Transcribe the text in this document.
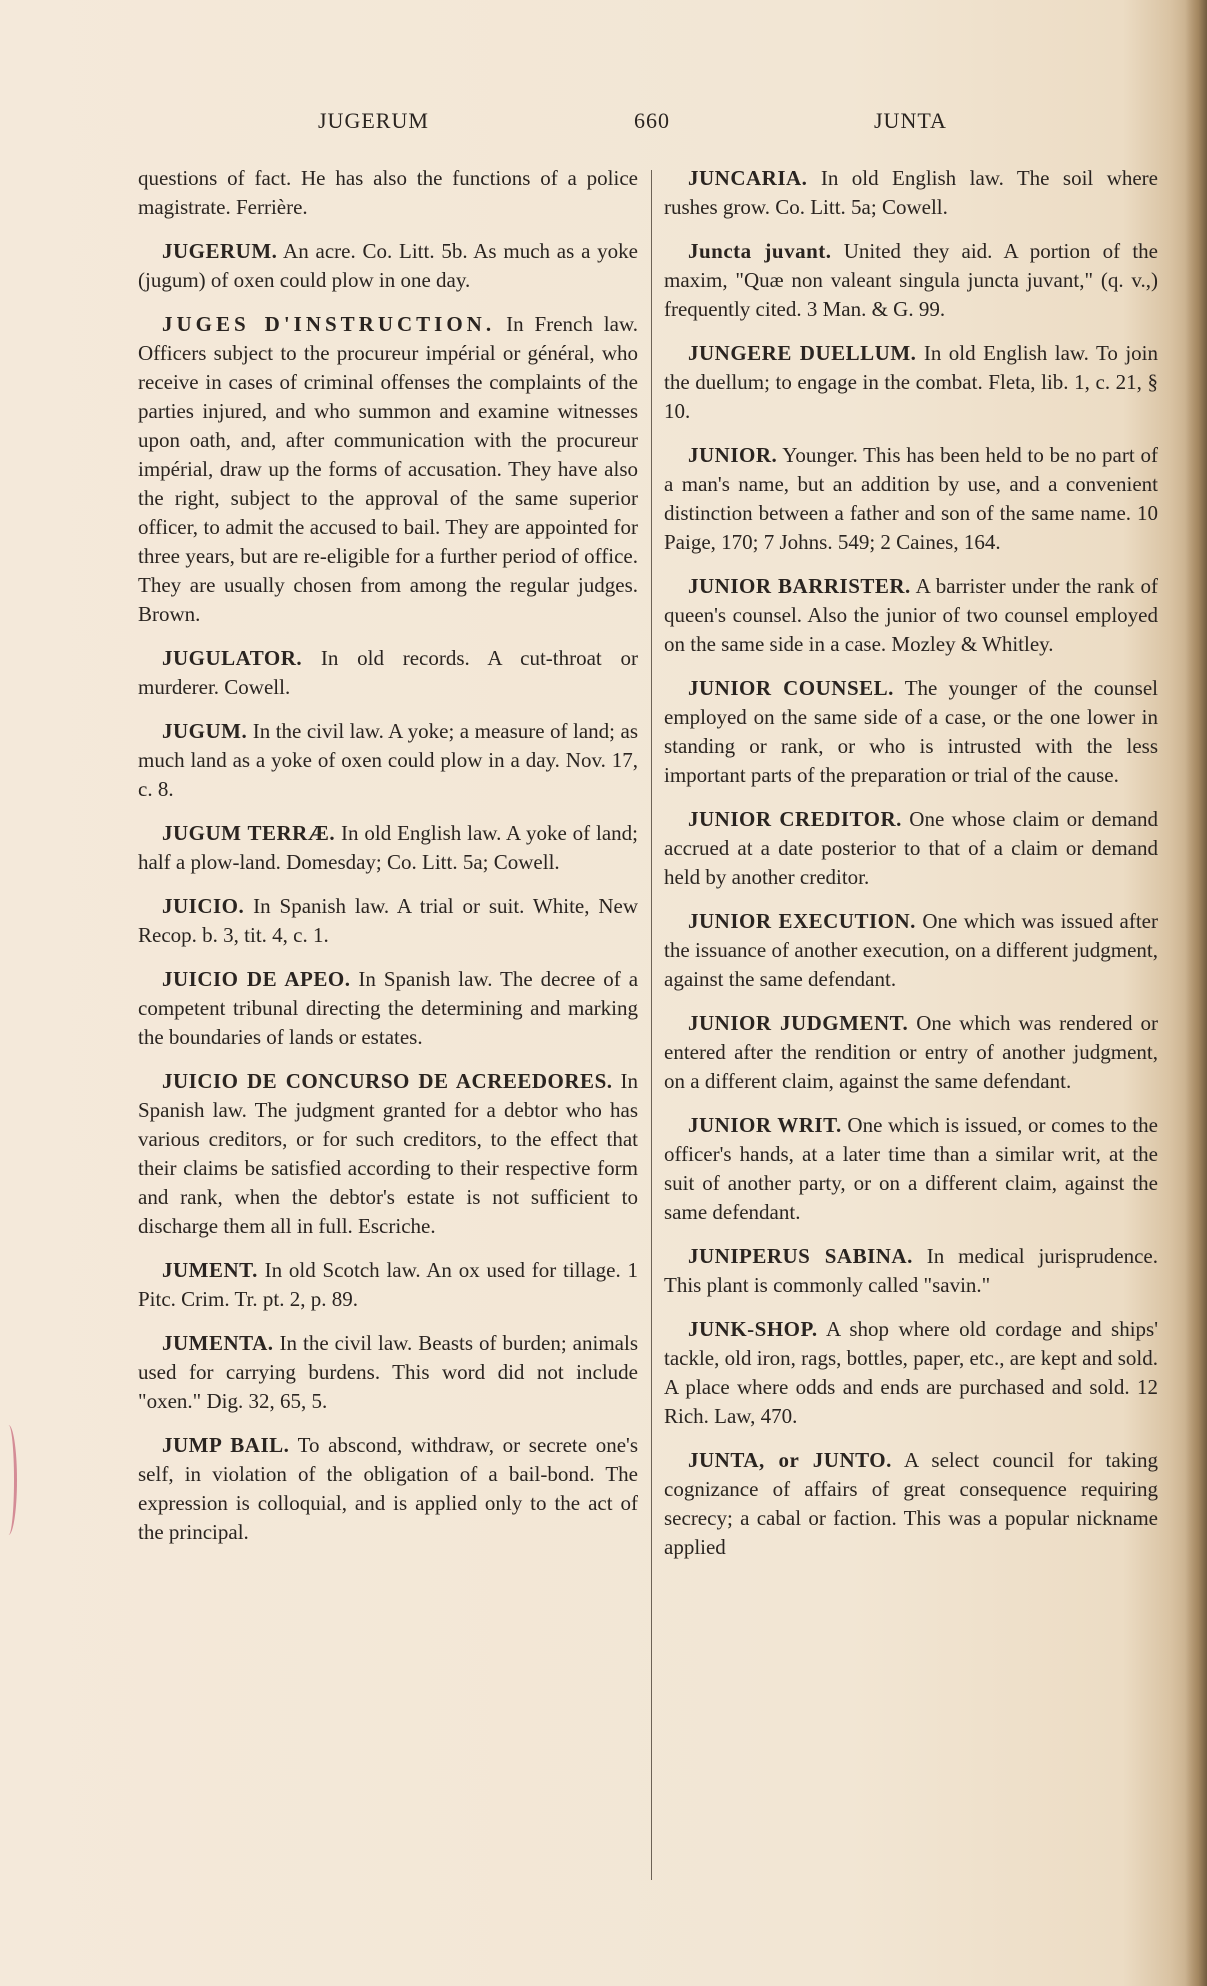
JUGERUM	660	JUNTA

questions of fact. He has also the functions of a police magistrate. Ferrière.

JUGERUM. An acre. Co. Litt. 5b. As much as a yoke (jugum) of oxen could plow in one day.

JUGES D'INSTRUCTION. In French law. Officers subject to the procureur impérial or général, who receive in cases of criminal offenses the complaints of the parties injured, and who summon and examine witnesses upon oath, and, after communication with the procureur impérial, draw up the forms of accusation. They have also the right, subject to the approval of the same superior officer, to admit the accused to bail. They are appointed for three years, but are re-eligible for a further period of office. They are usually chosen from among the regular judges. Brown.

JUGULATOR. In old records. A cut-throat or murderer. Cowell.

JUGUM. In the civil law. A yoke; a measure of land; as much land as a yoke of oxen could plow in a day. Nov. 17, c. 8.

JUGUM TERRÆ. In old English law. A yoke of land; half a plow-land. Domesday; Co. Litt. 5a; Cowell.

JUICIO. In Spanish law. A trial or suit. White, New Recop. b. 3, tit. 4, c. 1.

JUICIO DE APEO. In Spanish law. The decree of a competent tribunal directing the determining and marking the boundaries of lands or estates.

JUICIO DE CONCURSO DE ACREEDORES. In Spanish law. The judgment granted for a debtor who has various creditors, or for such creditors, to the effect that their claims be satisfied according to their respective form and rank, when the debtor's estate is not sufficient to discharge them all in full. Escriche.

JUMENT. In old Scotch law. An ox used for tillage. 1 Pitc. Crim. Tr. pt. 2, p. 89.

JUMENTA. In the civil law. Beasts of burden; animals used for carrying burdens. This word did not include "oxen." Dig. 32, 65, 5.

JUMP BAIL. To abscond, withdraw, or secrete one's self, in violation of the obligation of a bail-bond. The expression is colloquial, and is applied only to the act of the principal.

JUNCARIA. In old English law. The soil where rushes grow. Co. Litt. 5a; Cowell.

Juncta juvant. United they aid. A portion of the maxim, "Quæ non valeant singula juncta juvant," (q. v.,) frequently cited. 3 Man. & G. 99.

JUNGERE DUELLUM. In old English law. To join the duellum; to engage in the combat. Fleta, lib. 1, c. 21, § 10.

JUNIOR. Younger. This has been held to be no part of a man's name, but an addition by use, and a convenient distinction between a father and son of the same name. 10 Paige, 170; 7 Johns. 549; 2 Caines, 164.

JUNIOR BARRISTER. A barrister under the rank of queen's counsel. Also the junior of two counsel employed on the same side in a case. Mozley & Whitley.

JUNIOR COUNSEL. The younger of the counsel employed on the same side of a case, or the one lower in standing or rank, or who is intrusted with the less important parts of the preparation or trial of the cause.

JUNIOR CREDITOR. One whose claim or demand accrued at a date posterior to that of a claim or demand held by another creditor.

JUNIOR EXECUTION. One which was issued after the issuance of another execution, on a different judgment, against the same defendant.

JUNIOR JUDGMENT. One which was rendered or entered after the rendition or entry of another judgment, on a different claim, against the same defendant.

JUNIOR WRIT. One which is issued, or comes to the officer's hands, at a later time than a similar writ, at the suit of another party, or on a different claim, against the same defendant.

JUNIPERUS SABINA. In medical jurisprudence. This plant is commonly called "savin."

JUNK-SHOP. A shop where old cordage and ships' tackle, old iron, rags, bottles, paper, etc., are kept and sold. A place where odds and ends are purchased and sold. 12 Rich. Law, 470.

JUNTA, or JUNTO. A select council for taking cognizance of affairs of great consequence requiring secrecy; a cabal or faction. This was a popular nickname applied
